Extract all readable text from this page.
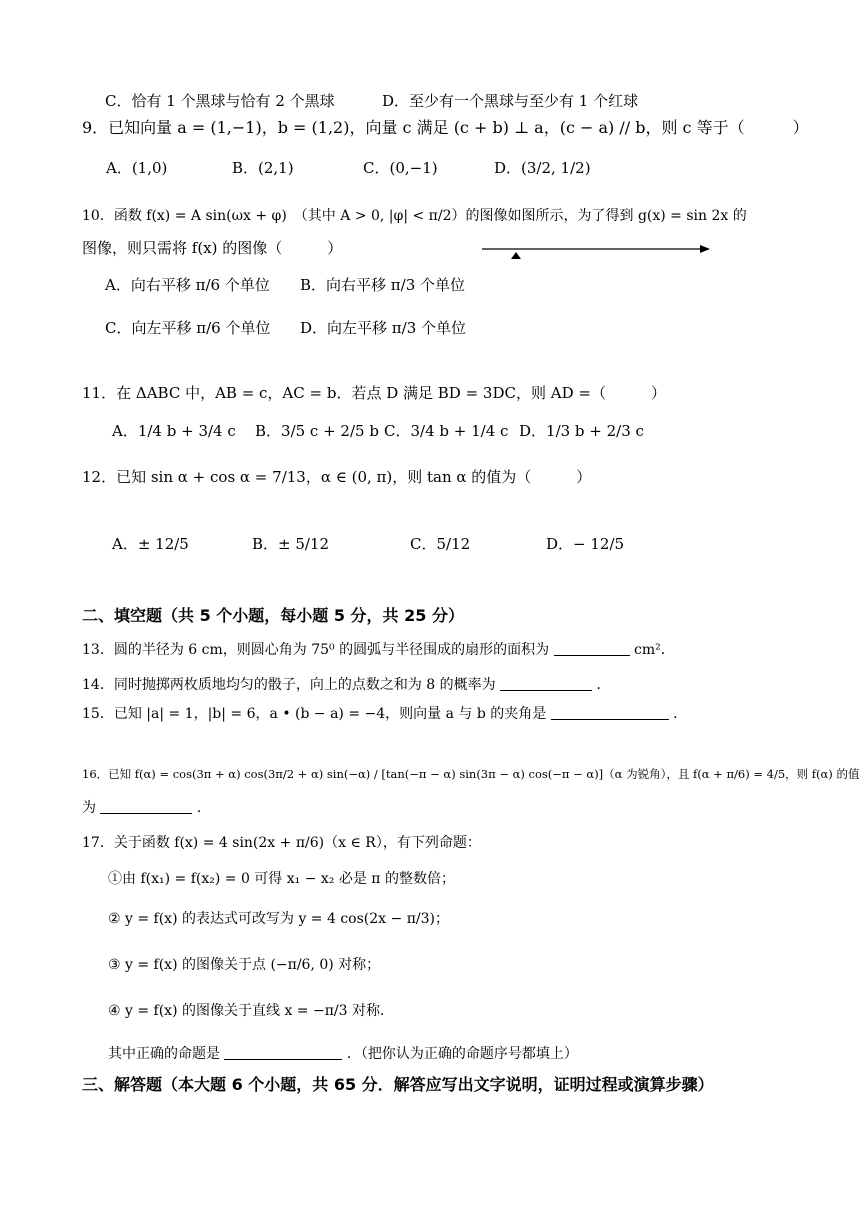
C．恰有 1 个黑球与恰有 2 个黑球	D．至少有一个黑球与至少有 1 个红球
9．已知向量 a = (1,−1)，b = (1,2)，向量 c 满足 (c + b) ⊥ a，(c − a) // b，则 c 等于（　　　）
A．(1,0)	B．(2,1)	C．(0,−1)	D．(3/2, 1/2)
10．函数 f(x) = A sin(ωx + φ)　（其中 A > 0, |φ| < π/2）的图像如图所示，为了得到 g(x) = sin 2x 的
图像，则只需将 f(x) 的图像（　　　）
A．向右平移 π/6 个单位 B．向右平移 π/3 个单位
C．向左平移 π/6 个单位 D．向左平移 π/3 个单位
11．在 ΔABC 中，AB = c，AC = b．若点 D 满足 BD = 3DC，则 AD =（　　　）
A．1/4 b + 3/4 c B．3/5 c + 2/5 b C．3/4 b + 1/4 c D．1/3 b + 2/3 c
12．已知 sin α + cos α = 7/13，α ∈ (0, π)，则 tan α 的值为（　　　）
A．± 12/5	B．± 5/12	C．5/12	D．− 12/5
二、填空题（共 5 个小题，每小题 5 分，共 25 分）
13．圆的半径为 6 cm，则圆心角为 75⁰ 的圆弧与半径围成的扇形的面积为	cm²．
14．同时抛掷两枚质地均匀的骰子，向上的点数之和为 8 的概率为	．
15．已知 |a| = 1，|b| = 6，a • (b − a) = −4，则向量 a 与 b 的夹角是	．
16．已知 f(α) = cos(3π + α) cos(3π/2 + α) sin(−α) / [tan(−π − α) sin(3π − α) cos(−π − α)]（α 为锐角），且 f(α + π/6) = 4/5，则 f(α) 的值
为	．
17．关于函数 f(x) = 4 sin(2x + π/6)（x ∈ R），有下列命题：
①由 f(x₁) = f(x₂) = 0 可得 x₁ − x₂ 必是 π 的整数倍；
② y = f(x) 的表达式可改写为 y = 4 cos(2x − π/3)；
③ y = f(x) 的图像关于点 (−π/6, 0) 对称；
④ y = f(x) 的图像关于直线 x = −π/3 对称．
其中正确的命题是	．（把你认为正确的命题序号都填上）
三、解答题（本大题 6 个小题，共 65 分．解答应写出文字说明，证明过程或演算步骤）
